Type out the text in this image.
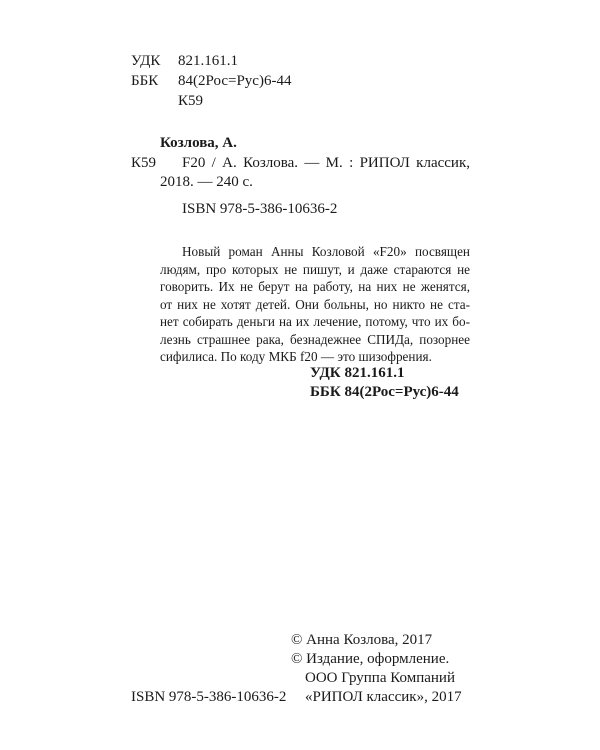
УДК 821.161.1
ББК 84(2Рос=Рус)6-44
К59
Козлова, А.
К59 F20 / А. Козлова. — М. : РИПОЛ классик,
2018. — 240 с.
ISBN 978-5-386-10636-2
Новый роман Анны Козловой «F20» посвящен
людям, про которых не пишут, и даже стараются не
говорить. Их не берут на работу, на них не женятся,
от них не хотят детей. Они больны, но никто не ста-
нет собирать деньги на их лечение, потому, что их бо-
лезнь страшнее рака, безнадежнее СПИДа, позорнее
сифилиса. По коду МКБ f20 — это шизофрения.
УДК 821.161.1
ББК 84(2Рос=Рус)6-44
© Анна Козлова, 2017
© Издание, оформление.
ООО Группа Компаний
ISBN 978-5-386-10636-2 «РИПОЛ классик», 2017
